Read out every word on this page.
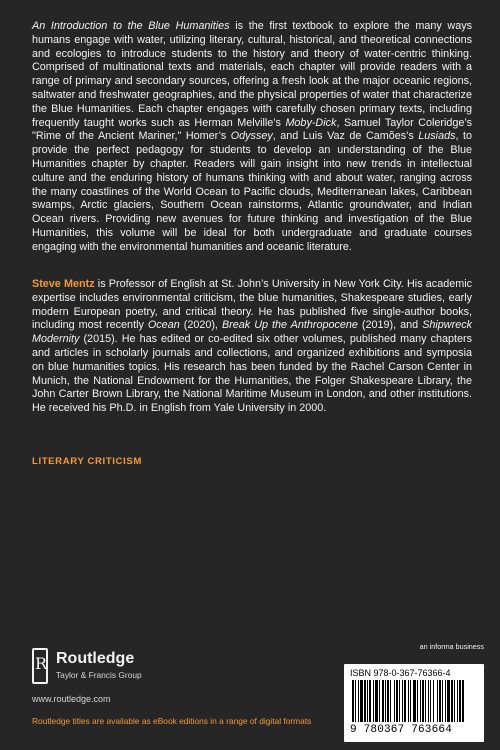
An Introduction to the Blue Humanities is the first textbook to explore the many ways humans engage with water, utilizing literary, cultural, historical, and theoretical connections and ecologies to introduce students to the history and theory of water-centric thinking. Comprised of multinational texts and materials, each chapter will provide readers with a range of primary and secondary sources, offering a fresh look at the major oceanic regions, saltwater and freshwater geographies, and the physical properties of water that characterize the Blue Humanities. Each chapter engages with carefully chosen primary texts, including frequently taught works such as Herman Melville’s Moby-Dick, Samuel Taylor Coleridge’s "Rime of the Ancient Mariner," Homer’s Odyssey, and Luis Vaz de Camões’s Lusiads, to provide the perfect pedagogy for students to develop an understanding of the Blue Humanities chapter by chapter. Readers will gain insight into new trends in intellectual culture and the enduring history of humans thinking with and about water, ranging across the many coastlines of the World Ocean to Pacific clouds, Mediterranean lakes, Caribbean swamps, Arctic glaciers, Southern Ocean rainstorms, Atlantic groundwater, and Indian Ocean rivers. Providing new avenues for future thinking and investigation of the Blue Humanities, this volume will be ideal for both undergraduate and graduate courses engaging with the environmental humanities and oceanic literature.
Steve Mentz is Professor of English at St. John’s University in New York City. His academic expertise includes environmental criticism, the blue humanities, Shakespeare studies, early modern European poetry, and critical theory. He has published five single-author books, including most recently Ocean (2020), Break Up the Anthropocene (2019), and Shipwreck Modernity (2015). He has edited or co-edited six other volumes, published many chapters and articles in scholarly journals and collections, and organized exhibitions and symposia on blue humanities topics. His research has been funded by the Rachel Carson Center in Munich, the National Endowment for the Humanities, the Folger Shakespeare Library, the John Carter Brown Library, the National Maritime Museum in London, and other institutions. He received his Ph.D. in English from Yale University in 2000.
LITERARY CRITICISM
R
Routledge
Taylor & Francis Group
www.routledge.com
Routledge titles are available as eBook editions in a range of digital formats
an informa business
ISBN 978-0-367-76366-4
9 780367 763664
